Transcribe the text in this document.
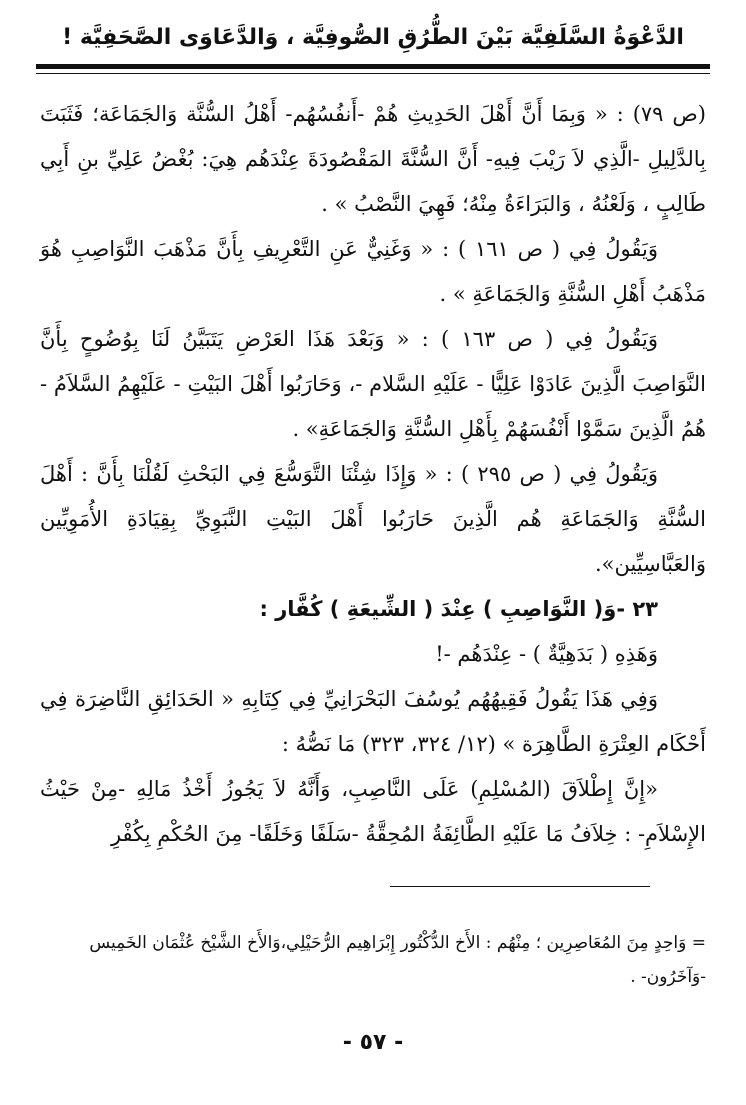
الدَّعْوَةُ السَّلَفِيَّة بَيْنَ الطُّرُقِ الصُّوفِيَّة ، وَالدَّعَاوَى الصَّحَفِيَّة !

(ص ٧٩) : « وَبِمَا أَنَّ أَهْلَ الحَدِيثِ هُمْ -أَنفُسُهُم- أَهْلُ السُّنَّة وَالجَمَاعَة؛ فَثَبَتَ بِالدَّلِيلِ -الَّذِي لاَ رَيْبَ فِيهِ- أَنَّ السُّنَّةَ المَقْصُودَةَ عِنْدَهُم هِيَ: بُغْضُ عَلِيِّ بنِ أَبِي طَالِبٍ ، وَلَعْنُهُ ، وَالبَرَاءَةُ مِنْهُ؛ فَهِيَ النَّصْبُ » .

وَيَقُولُ فِي ( ص ١٦١ ) : « وَغَنِيٌّ عَنِ التَّعْرِيفِ بِأَنَّ مَذْهَبَ النَّوَاصِبِ هُوَ مَذْهَبُ أَهْلِ السُّنَّةِ وَالجَمَاعَةِ » .

وَيَقُولُ فِي ( ص ١٦٣ ) : « وَبَعْدَ هَذَا العَرْضِ يَتَبَيَّنُ لَنَا بِوُضُوحٍ بِأَنَّ النَّوَاصِبَ الَّذِينَ عَادَوْا عَلِيًّا - عَلَيْهِ السَّلام -، وَحَارَبُوا أَهْلَ البَيْتِ - عَلَيْهِمُ السَّلاَمُ - هُمُ الَّذِينَ سَمَّوْا أَنْفُسَهُمْ بِأَهْلِ السُّنَّةِ وَالجَمَاعَةِ» .

وَيَقُولُ فِي ( ص ٢٩٥ ) : « وَإِذَا شِئْنَا التَّوَسُّعَ فِي البَحْثِ لَقُلْنَا بِأَنَّ : أَهْلَ السُّنَّةِ وَالجَمَاعَةِ هُم الَّذِينَ حَارَبُوا أَهْلَ البَيْتِ النَّبَوِيِّ بِقِيَادَةِ الأُمَوِيِّين وَالعَبَّاسِيِّين».

٢٣ -وَ( النَّوَاصِبِ ) عِنْدَ ( الشِّيعَةِ ) كُفَّار :

وَهَذِهِ ( بَدَهِيَّةٌ ) - عِنْدَهُم -!

وَفِي هَذَا يَقُولُ فَقِيهُهُم يُوسُفَ البَحْرَانِيِّ فِي كِتَابِهِ « الحَدَائِقِ النَّاضِرَة فِي أَحْكَام العِتْرَةِ الطَّاهِرَة » (١٢/ ٣٢٤، ٣٢٣) مَا نَصُّهُ :

«إِنَّ إِطْلاَقَ (المُسْلِمِ) عَلَى النَّاصِبِ، وَأَنَّهُ لاَ يَجُوزُ أَخْذُ مَالِهِ -مِنْ حَيْثُ الإِسْلاَمِ- : خِلاَفُ مَا عَلَيْهِ الطَّائِفَةُ المُحِقَّةُ -سَلَفًا وَخَلَفًا- مِنَ الحُكْمِ بِكُفْرِ

= وَاحِدٍ مِنَ المُعَاصِرِين ؛ مِنْهُم : الأَخ الدُّكْتُور إِبْرَاهِيم الرُّحَيْلِي،وَالأَخ الشَّيْخ عُثْمَان الخَمِيس

-وَآخَرُون- .

- ٥٧ -
